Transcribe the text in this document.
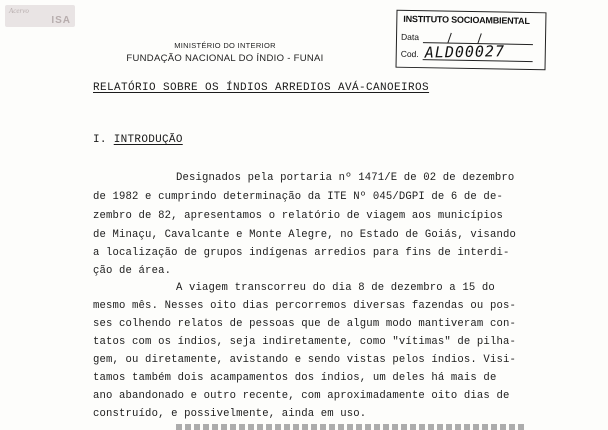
Acervo
ISA
MINISTÉRIO DO INTERIOR
FUNDAÇÃO NACIONAL DO ÍNDIO - FUNAI
INSTITUTO SOCIOAMBIENTAL
Data
Cod. ALD00027
RELATÓRIO SOBRE OS ÍNDIOS ARREDIOS AVÁ-CANOEIROS
I. INTRODUÇÃO
Designados pela portaria nº 1471/E de 02 de dezembro
de 1982 e cumprindo determinação da ITE Nº 045/DGPI de 6 de de-
zembro de 82, apresentamos o relatório de viagem aos municípios
de Minaçu, Cavalcante e Monte Alegre, no Estado de Goiás, visando
a localização de grupos indígenas arredios para fins de interdi-
ção de área.
A viagem transcorreu do dia 8 de dezembro a 15 do
mesmo mês. Nesses oito dias percorremos diversas fazendas ou pos-
ses colhendo relatos de pessoas que de algum modo mantiveram con-
tatos com os índios, seja indiretamente, como "vítimas" de pilha-
gem, ou diretamente, avistando e sendo vistas pelos índios. Visi-
tamos também dois acampamentos dos índios, um deles há mais de
ano abandonado e outro recente, com aproximadamente oito dias de
construído, e possivelmente, ainda em uso.
